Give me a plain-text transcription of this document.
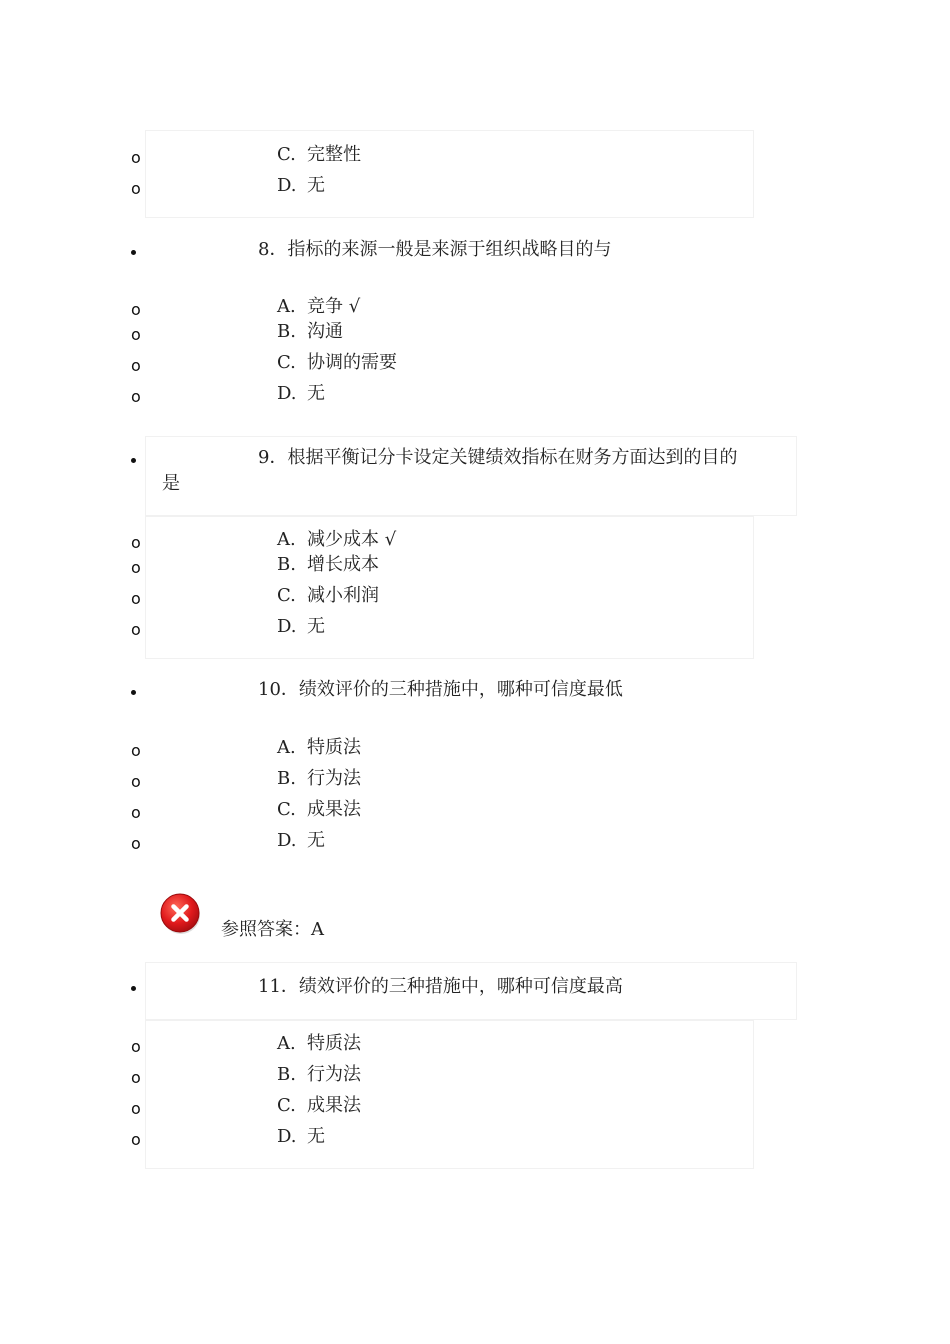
o	C. 完整性
o	D. 无
8．指标的来源一般是来源于组织战略目的与
o	A. 竞争 √
o	B. 沟通
o	C. 协调的需要
o	D. 无
9．根据平衡记分卡设定关键绩效指标在财务方面达到的目的
是
o	A. 减少成本 √
o	B. 增长成本
o	C. 减小利润
o	D. 无
10．绩效评价的三种措施中，哪种可信度最低
o	A. 特质法
o	B. 行为法
o	C. 成果法
o	D. 无
参照答案：A
11．绩效评价的三种措施中，哪种可信度最高
o	A. 特质法
o	B. 行为法
o	C. 成果法
o	D. 无
